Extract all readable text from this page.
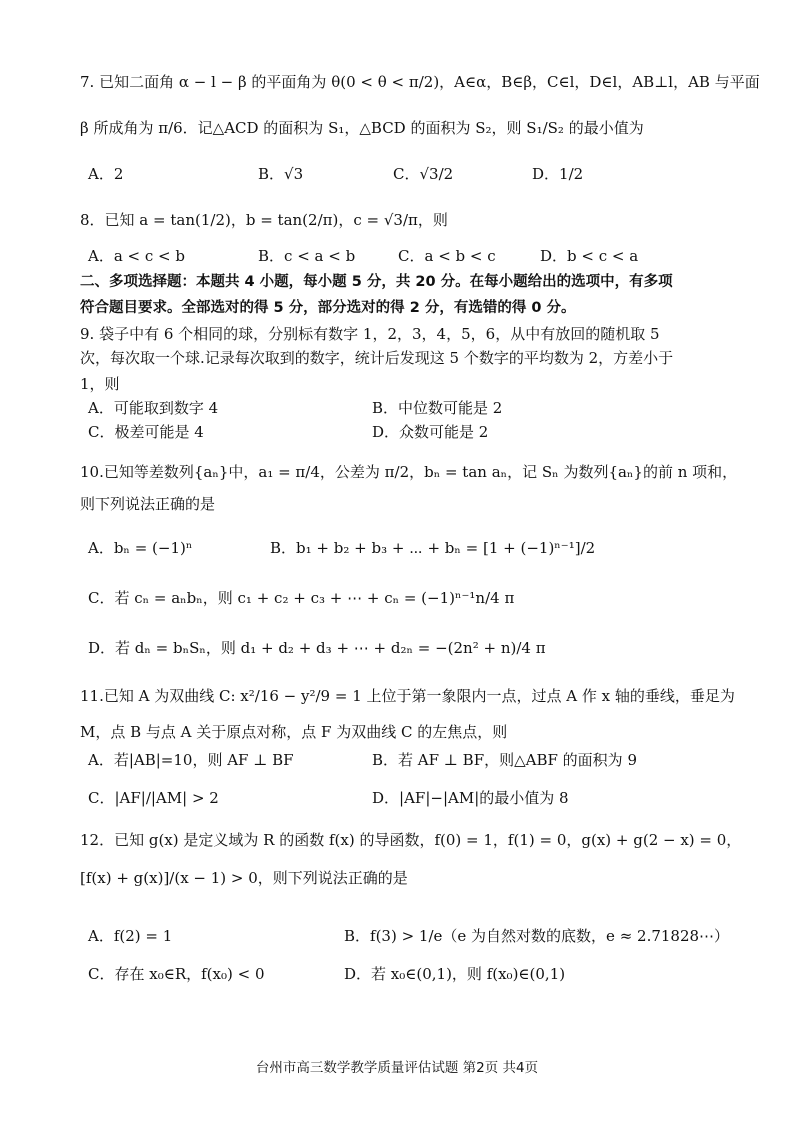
7. 已知二面角 α − l − β 的平面角为 θ(0 < θ < π/2)，A∈α，B∈β，C∈l，D∈l，AB⊥l，AB 与平面
β 所成角为 π/6．记△ACD 的面积为 S₁，△BCD 的面积为 S₂，则 S₁/S₂ 的最小值为
A．2	B．√3	C．√3/2	D．1/2
8．已知 a = tan(1/2)，b = tan(2/π)，c = √3/π，则
A．a < c < b	B．c < a < b	C．a < b < c	D．b < c < a
二、多项选择题：本题共 4 小题，每小题 5 分，共 20 分。在每小题给出的选项中，有多项
符合题目要求。全部选对的得 5 分，部分选对的得 2 分，有选错的得 0 分。
9. 袋子中有 6 个相同的球，分别标有数字 1，2，3，4，5，6，从中有放回的随机取 5
次，每次取一个球.记录每次取到的数字，统计后发现这 5 个数字的平均数为 2，方差小于
1，则
A．可能取到数字 4	B．中位数可能是 2
C．极差可能是 4	D．众数可能是 2
10.已知等差数列{aₙ}中，a₁ = π/4，公差为 π/2，bₙ = tan aₙ，记 Sₙ 为数列{aₙ}的前 n 项和，
则下列说法正确的是
A．bₙ = (−1)ⁿ	B．b₁ + b₂ + b₃ + ⋯ + bₙ = [1 + (−1)ⁿ⁻¹]/2
C．若 cₙ = aₙbₙ，则 c₁ + c₂ + c₃ + ⋯ + cₙ = (−1)ⁿ⁻¹n/4 π
D．若 dₙ = bₙSₙ，则 d₁ + d₂ + d₃ + ⋯ + d₂ₙ = −(2n² + n)/4 π
11.已知 A 为双曲线 C: x²/16 − y²/9 = 1 上位于第一象限内一点，过点 A 作 x 轴的垂线，垂足为
M，点 B 与点 A 关于原点对称，点 F 为双曲线 C 的左焦点，则
A．若|AB|=10，则 AF ⊥ BF	B．若 AF ⊥ BF，则△ABF 的面积为 9
C．|AF|/|AM| > 2	D．|AF|−|AM|的最小值为 8
12．已知 g(x) 是定义域为 R 的函数 f(x) 的导函数，f(0) = 1，f(1) = 0，g(x) + g(2 − x) = 0，
[f(x) + g(x)]/(x − 1) > 0，则下列说法正确的是
A．f(2) = 1	B．f(3) > 1/e（e 为自然对数的底数，e ≈ 2.71828⋯）
C．存在 x₀∈R，f(x₀) < 0	D．若 x₀∈(0,1)，则 f(x₀)∈(0,1)
台州市高三数学教学质量评估试题 第2页 共4页
